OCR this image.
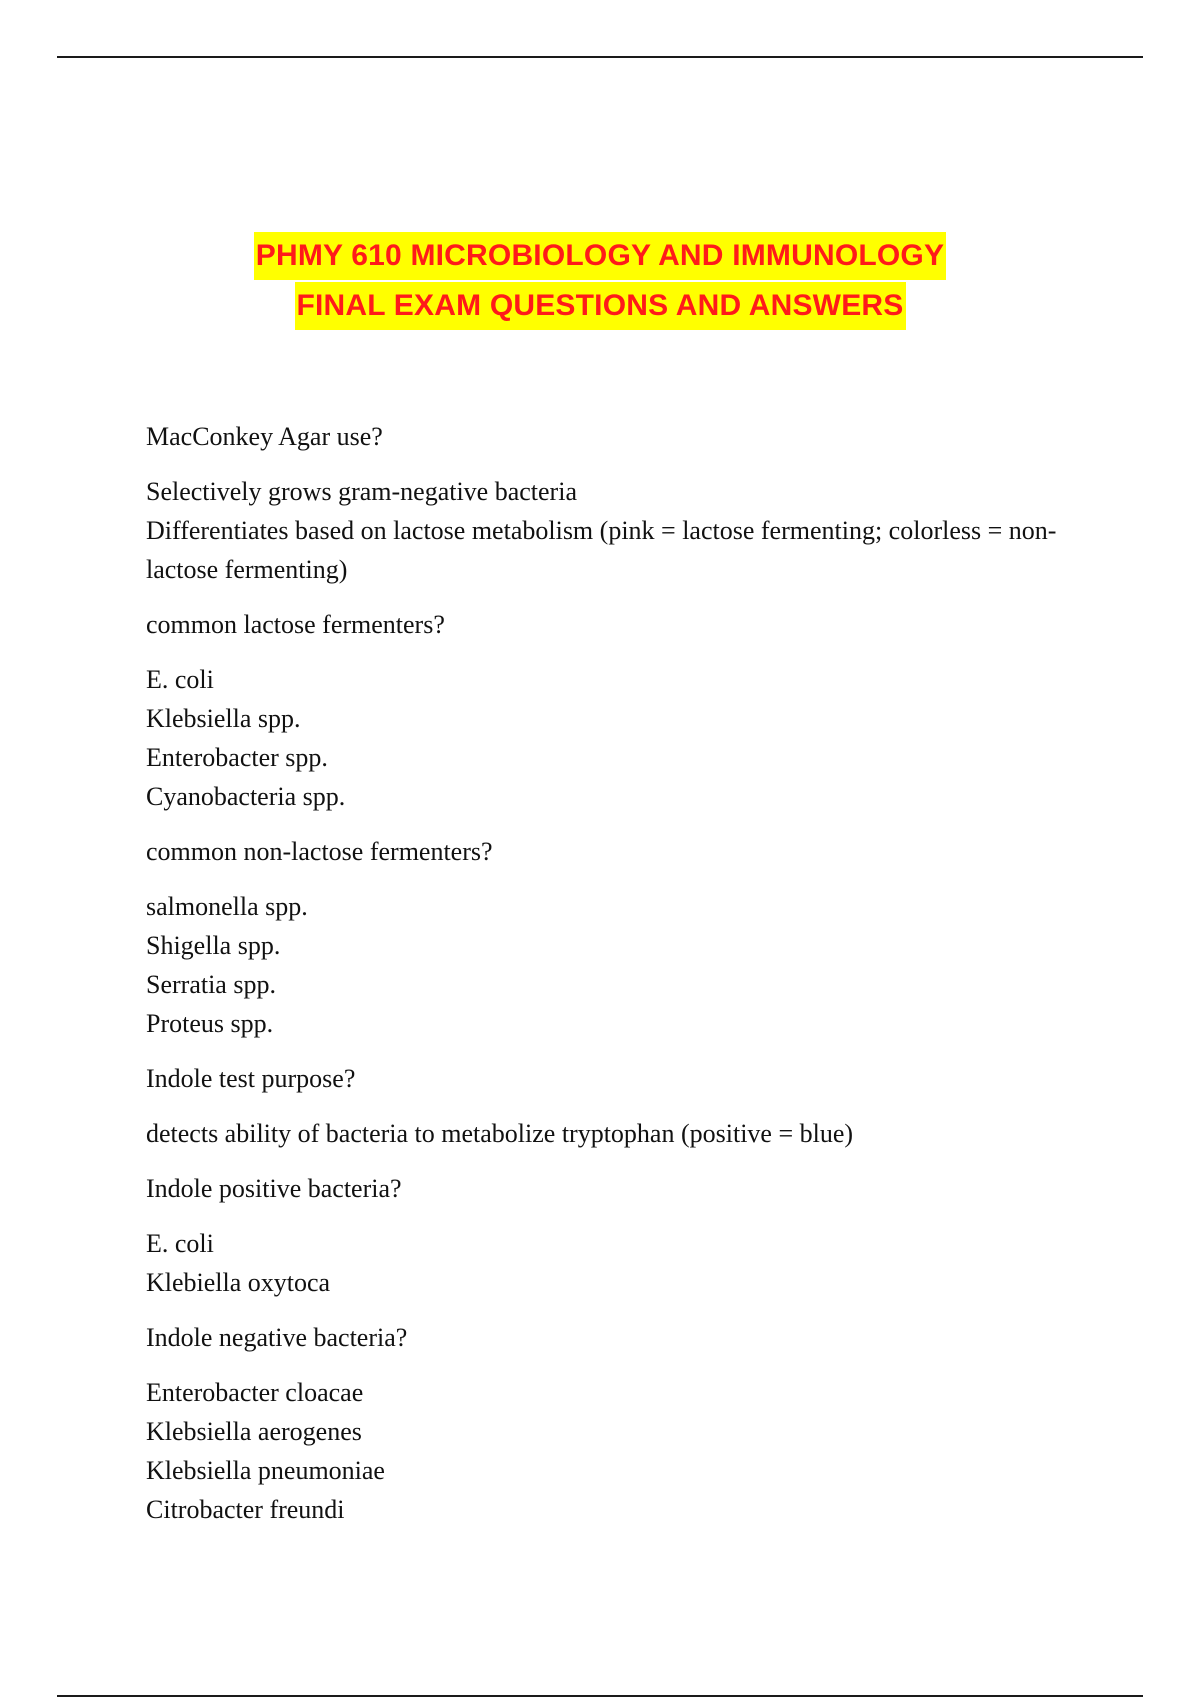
PHMY 610 MICROBIOLOGY AND IMMUNOLOGY
FINAL EXAM QUESTIONS AND ANSWERS

MacConkey Agar use?

Selectively grows gram-negative bacteria
Differentiates based on lactose metabolism (pink = lactose fermenting; colorless = non-lactose fermenting)

common lactose fermenters?

E. coli
Klebsiella spp.
Enterobacter spp.
Cyanobacteria spp.

common non-lactose fermenters?

salmonella spp.
Shigella spp.
Serratia spp.
Proteus spp.

Indole test purpose?

detects ability of bacteria to metabolize tryptophan (positive = blue)

Indole positive bacteria?

E. coli
Klebiella oxytoca

Indole negative bacteria?

Enterobacter cloacae
Klebsiella aerogenes
Klebsiella pneumoniae
Citrobacter freundi
